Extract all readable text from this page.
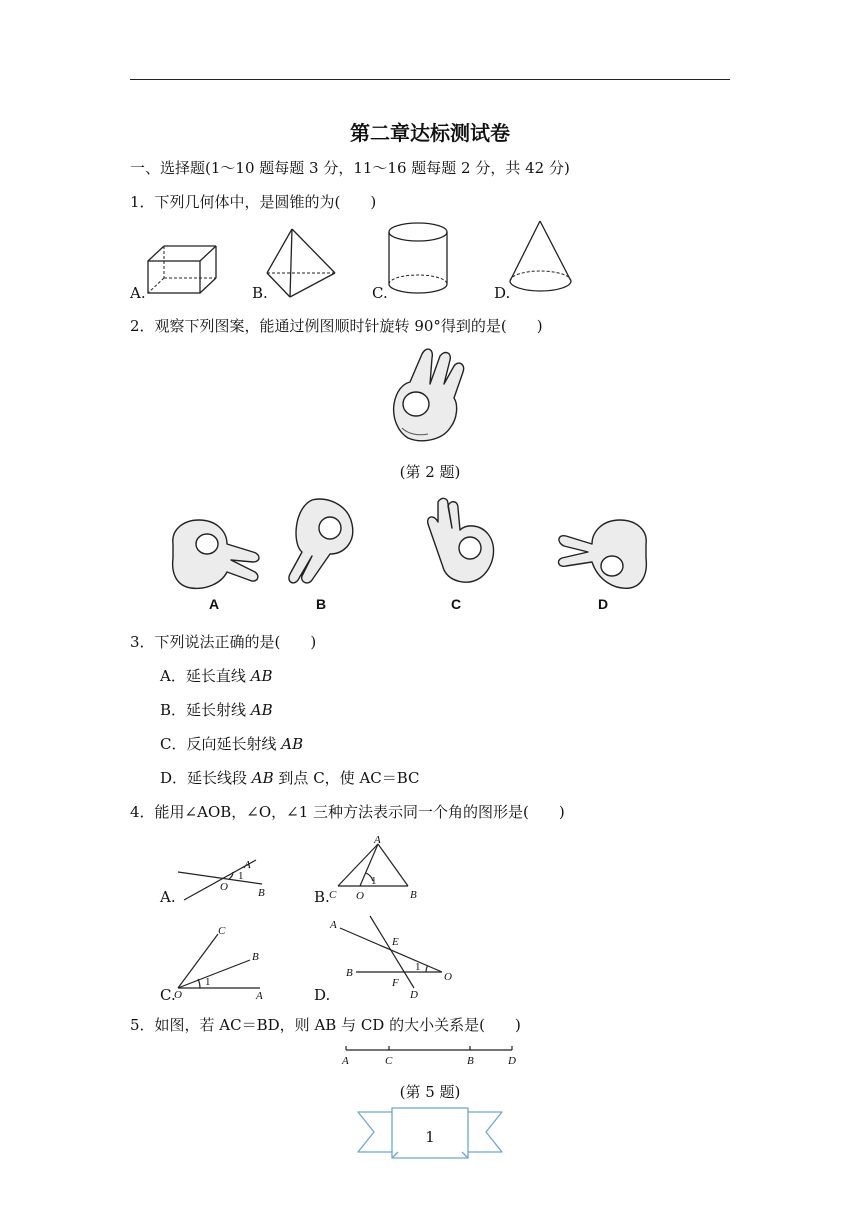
第二章达标测试卷
一、选择题(1～10 题每题 3 分，11～16 题每题 2 分，共 42 分)
1．下列几何体中，是圆锥的为(　　)
A.	B.	C.	D.
2．观察下列图案，能通过例图顺时针旋转 90°得到的是(　　)
(第 2 题)
A	B	C	D
3．下列说法正确的是(　　)
A．延长直线 AB
B．延长射线 AB
C．反向延长射线 AB
D．延长线段 AB 到点 C，使 AC＝BC
4．能用∠AOB，∠O，∠1 三种方法表示同一个角的图形是(　　)
A.
A
O	B
1
B.
A
C O	B
1
C.
C
B
O	A
1
D.
A
E
B
F	O
D
1
5．如图，若 AC＝BD，则 AB 与 CD 的大小关系是(　　)
A	C	B	D
(第 5 题)
1
